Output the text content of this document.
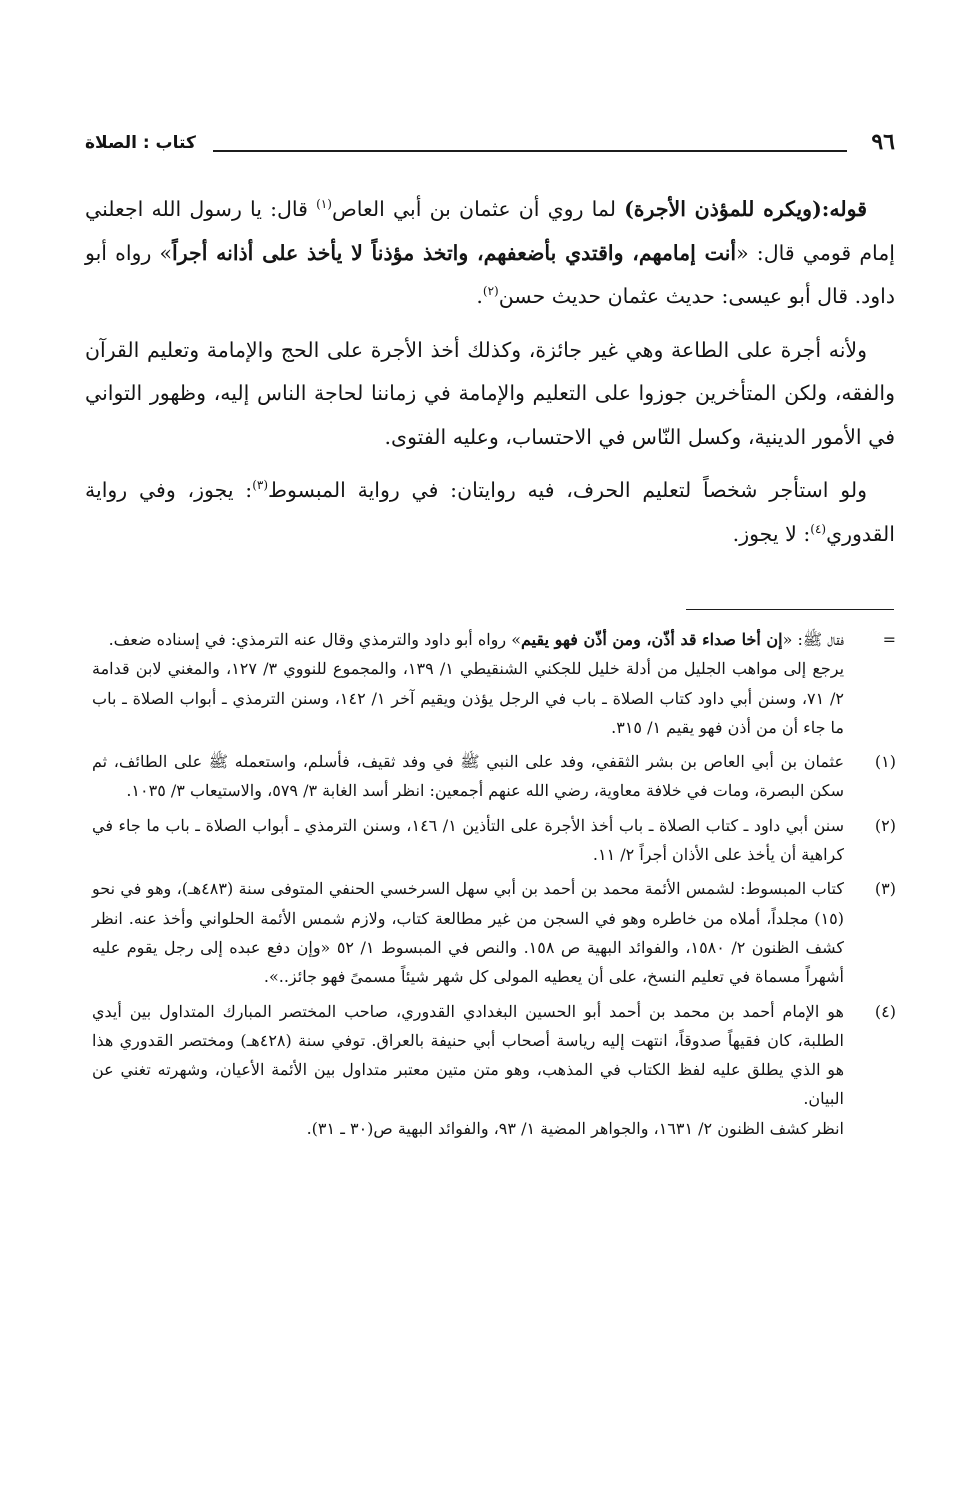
٩٦
كتاب : الصلاة

قوله:(ويكره للمؤذن الأجرة) لما روي أن عثمان بن أبي العاص$^{(١)}$ قال: يا رسول الله اجعلني إمام قومي قال: «أنت إمامهم، واقتدي بأضعفهم، واتخذ مؤذناً لا يأخذ على أذانه أجراً» رواه أبو داود. قال أبو عيسى: حديث عثمان حديث حسن$^{(٢)}$.

ولأنه أجرة على الطاعة وهي غير جائزة، وكذلك أخذ الأجرة على الحج والإمامة وتعليم القرآن والفقه، ولكن المتأخرين جوزوا على التعليم والإمامة في زماننا لحاجة الناس إليه، وظهور التواني في الأمور الدينية، وكسل النّاس في الاحتساب، وعليه الفتوى.

ولو استأجر شخصاً لتعليم الحرف، فيه روايتان: في رواية المبسوط$^{(٣)}$: يجوز، وفي رواية القدوري$^{(٤)}$: لا يجوز.

=

فقال ﷺ: «إن أخا صداء قد أذّن، ومن أذّن فهو يقيم» رواه أبو داود والترمذي وقال عنه الترمذي: في إسناده ضعف.

يرجع إلى مواهب الجليل من أدلة خليل للجكني الشنقيطي ١/ ١٣٩، والمجموع للنووي ٣/ ١٢٧، والمغني لابن قدامة ٢/ ٧١، وسنن أبي داود كتاب الصلاة ـ باب في الرجل يؤذن ويقيم آخر ١/ ١٤٢، وسنن الترمذي ـ أبواب الصلاة ـ باب ما جاء أن من أذن فهو يقيم ١/ ٣١٥.

(١)

عثمان بن أبي العاص بن بشر الثقفي، وفد على النبي ﷺ في وفد ثقيف، فأسلم، واستعمله ﷺ على الطائف، ثم سكن البصرة، ومات في خلافة معاوية، رضي الله عنهم أجمعين: انظر أسد الغابة ٣/ ٥٧٩، والاستيعاب ٣/ ١٠٣٥.

(٢)

سنن أبي داود ـ كتاب الصلاة ـ باب أخذ الأجرة على التأذين ١/ ١٤٦، وسنن الترمذي ـ أبواب الصلاة ـ باب ما جاء في كراهية أن يأخذ على الأذان أجراً ٢/ ١١.

(٣)

كتاب المبسوط: لشمس الأئمة محمد بن أحمد بن أبي سهل السرخسي الحنفي المتوفى سنة (٤٨٣هـ)، وهو في نحو (١٥) مجلداً، أملاه من خاطره وهو في السجن من غير مطالعة كتاب، ولازم شمس الأئمة الحلواني وأخذ عنه. انظر كشف الظنون ٢/ ١٥٨٠، والفوائد البهية ص ١٥٨. والنص في المبسوط ١/ ٥٢ «وإن دفع عبده إلى رجل يقوم عليه أشهراً مسماة في تعليم النسخ، على أن يعطيه المولى كل شهر شيئاً مسمىً فهو جائز..».

(٤)

هو الإمام أحمد بن محمد بن أحمد أبو الحسين البغدادي القدوري، صاحب المختصر المبارك المتداول بين أيدي الطلبة، كان فقيهاً صدوقاً، انتهت إليه رياسة أصحاب أبي حنيفة بالعراق. توفي سنة (٤٢٨هـ) ومختصر القدوري هذا هو الذي يطلق عليه لفظ الكتاب في المذهب، وهو متن متين معتبر متداول بين الأئمة الأعيان، وشهرته تغني عن البيان.

انظر كشف الظنون ٢/ ١٦٣١، والجواهر المضية ١/ ٩٣، والفوائد البهية ص(٣٠ ـ ٣١).
